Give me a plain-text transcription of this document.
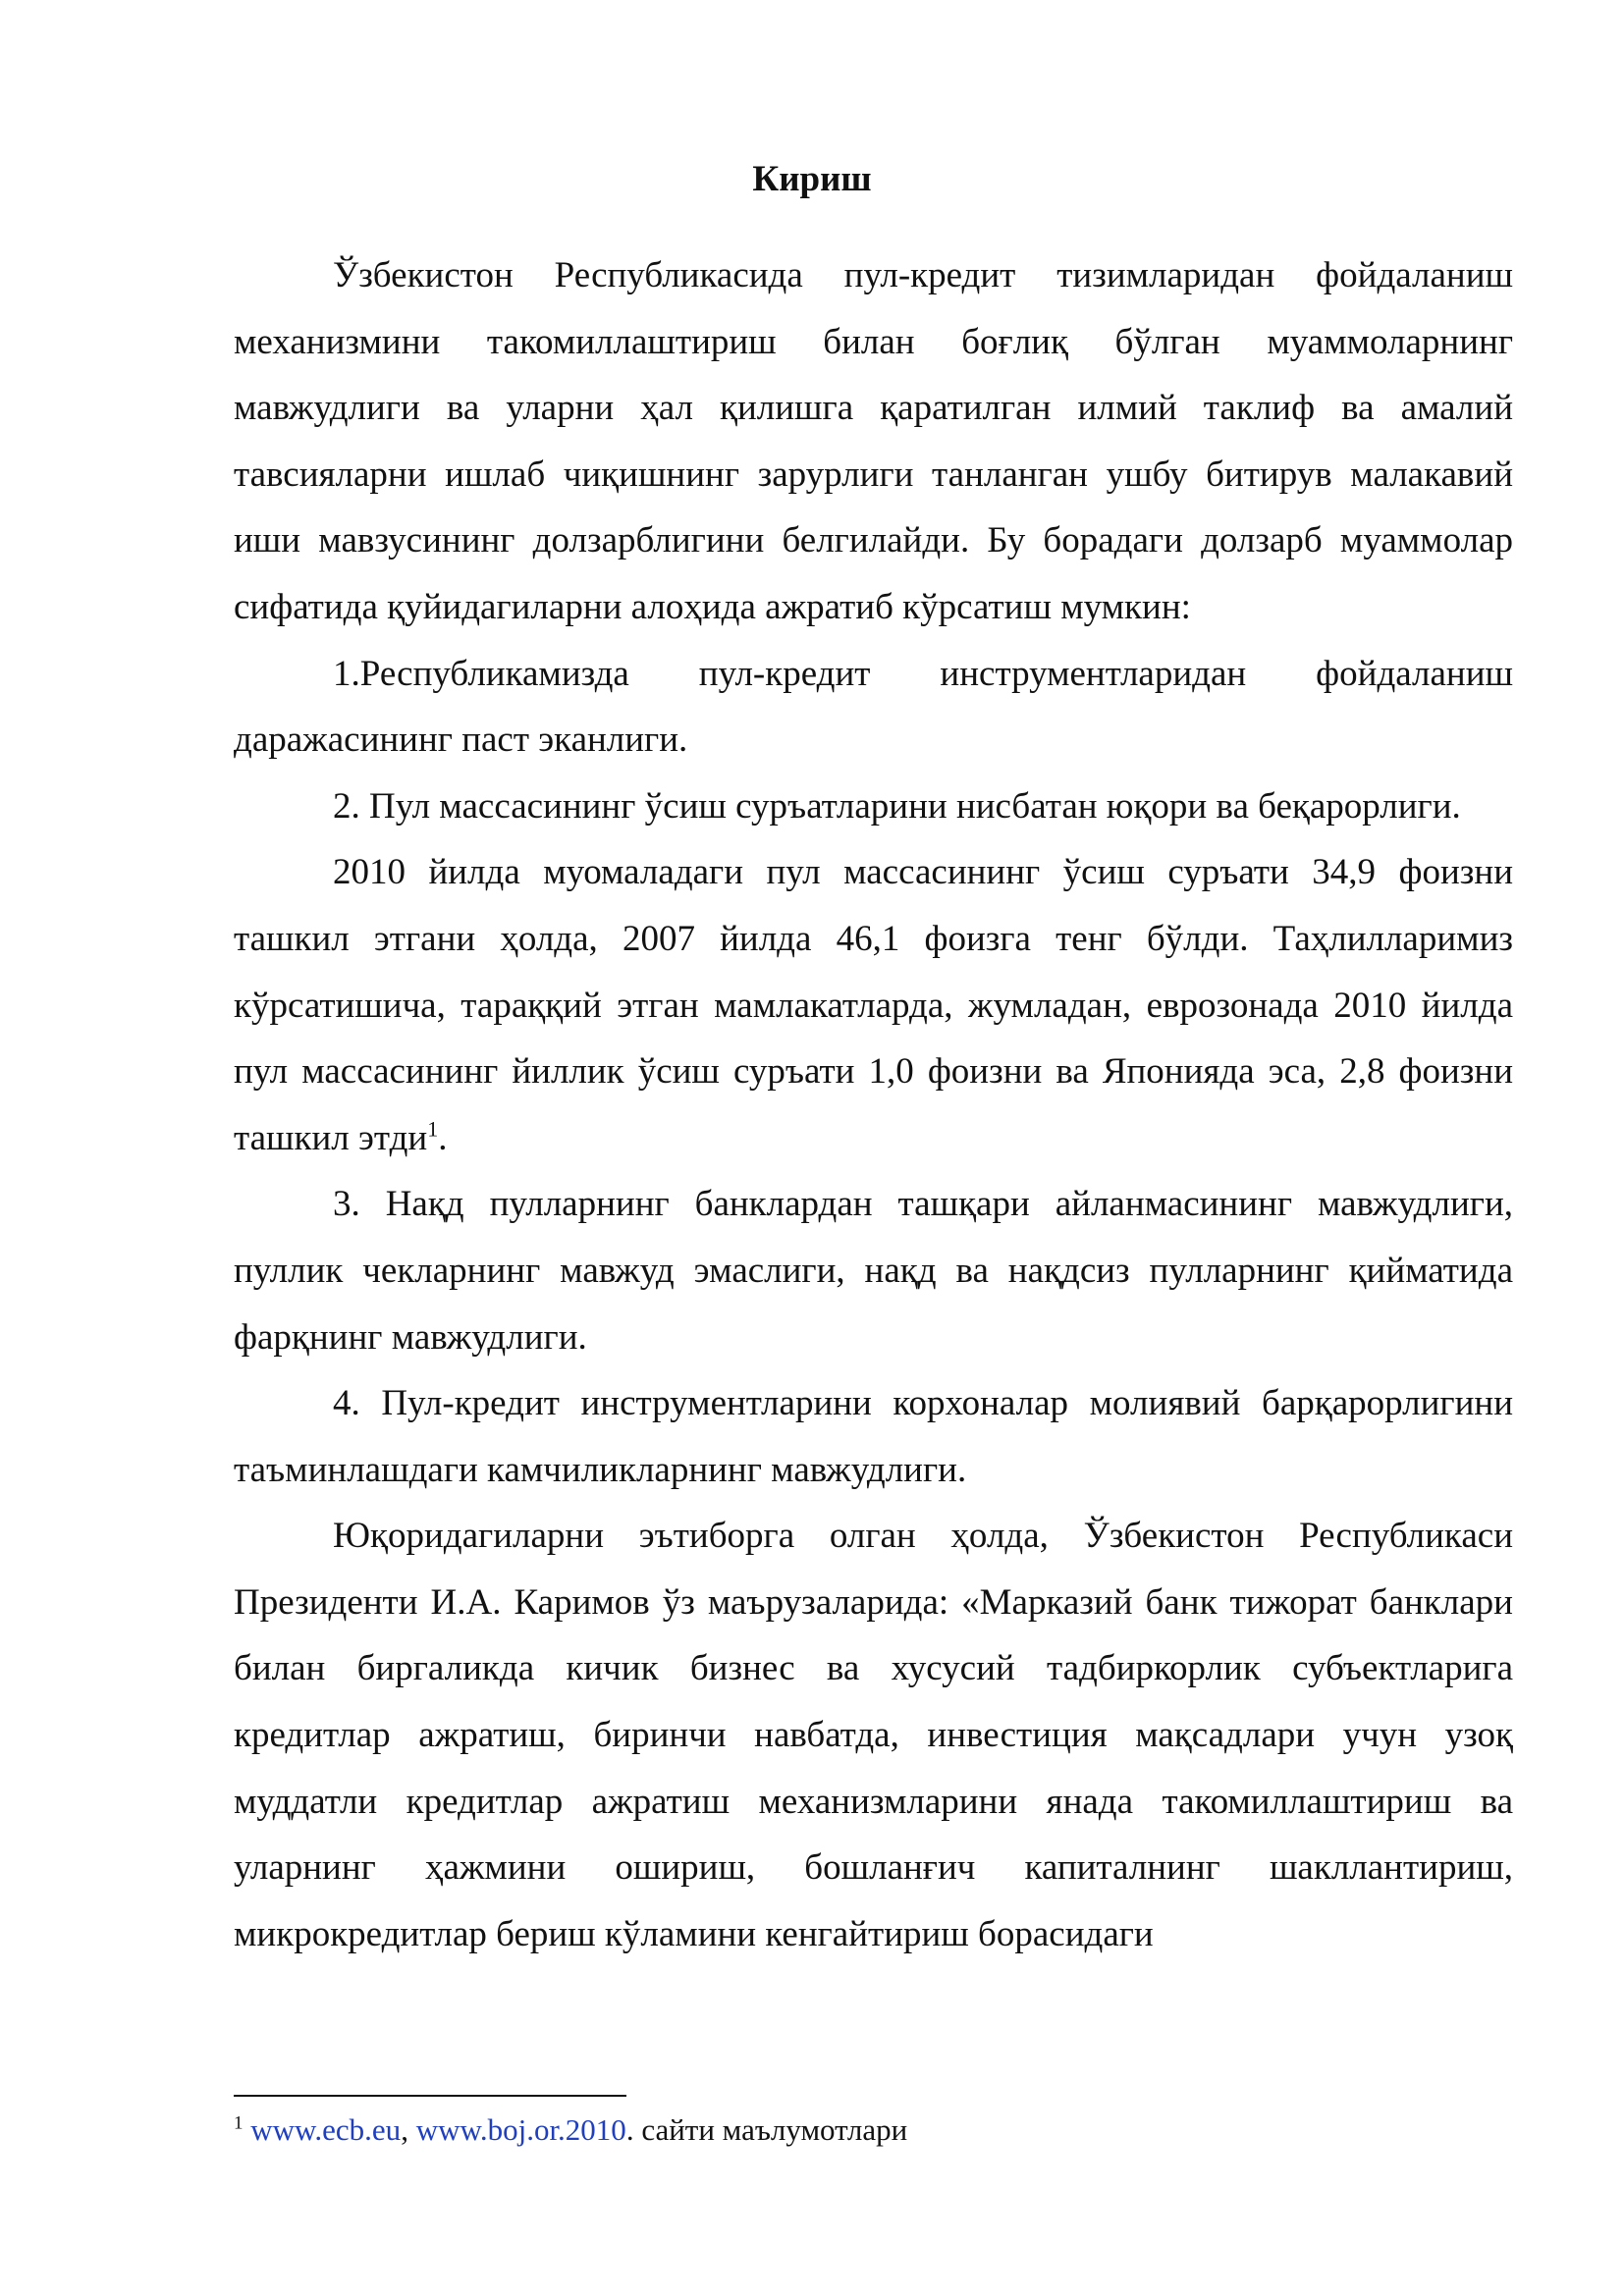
Кириш

Ўзбекистон Республикасида пул-кредит тизимларидан фойдаланиш механизмини такомиллаштириш билан боғлиқ бўлган муаммоларнинг мавжудлиги ва уларни ҳал қилишга қаратилган илмий таклиф ва амалий тавсияларни ишлаб чиқишнинг зарурлиги танланган ушбу битирув малакавий иши мавзусининг долзарблигини белгилайди. Бу борадаги долзарб муаммолар сифатида қуйидагиларни алоҳида ажратиб кўрсатиш мумкин:

1.Республикамизда пул-кредит инструментларидан фойдаланиш даражасининг паст эканлиги.

2. Пул массасининг ўсиш суръатларини нисбатан юқори ва беқарорлиги.

2010 йилда муомаладаги пул массасининг ўсиш суръати 34,9 фоизни ташкил этгани ҳолда, 2007 йилда 46,1 фоизга тенг бўлди. Таҳлилларимиз кўрсатишича, тараққий этган мамлакатларда, жумладан, еврозонада 2010 йилда пул массасининг йиллик ўсиш суръати 1,0 фоизни ва Японияда эса, 2,8 фоизни ташкил этди$^1$.

3. Нақд пулларнинг банклардан ташқари айланмасининг мавжудлиги, пуллик чекларнинг мавжуд эмаслиги, нақд ва нақдсиз пулларнинг қийматида фарқнинг мавжудлиги.

4. Пул-кредит инструментларини корхоналар молиявий барқарорлигини таъминлашдаги камчиликларнинг мавжудлиги.

Юқоридагиларни эътиборга олган ҳолда, Ўзбекистон Республикаси Президенти И.А. Каримов ўз маърузаларида: «Марказий банк тижорат банклари билан биргаликда кичик бизнес ва хусусий тадбиркорлик субъектларига кредитлар ажратиш, биринчи навбатда, инвестиция мақсадлари учун узоқ муддатли кредитлар ажратиш механизмларини янада такомиллаштириш ва уларнинг ҳажмини ошириш, бошланғич капиталнинг шакллантириш, микрокредитлар бериш кўламини кенгайтириш борасидаги

$^1$ www.ecb.eu, www.boj.or.2010. сайти маълумотлари
